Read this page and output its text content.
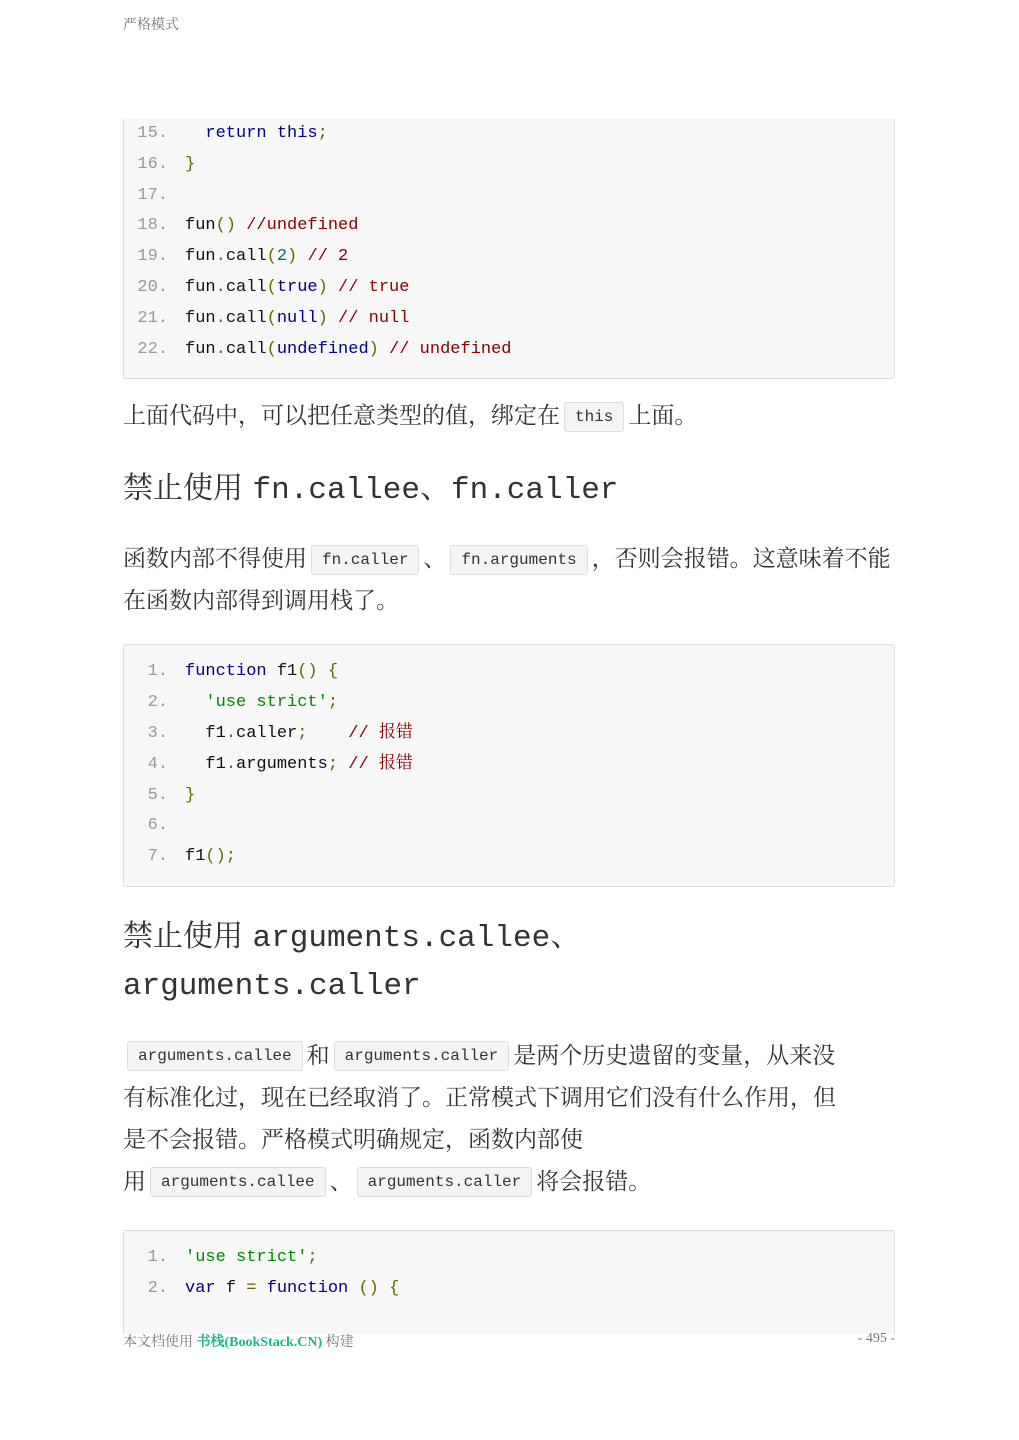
严格模式
15. return this;
16. }
17.
18. fun() //undefined
19. fun.call(2) // 2
20. fun.call(true) // true
21. fun.call(null) // null
22. fun.call(undefined) // undefined

上面代码中，可以把任意类型的值，绑定在 this 上面。

禁止使用 fn.callee、fn.caller

函数内部不得使用 fn.caller 、 fn.arguments ，否则会报错。这意味着不能在函数内部得到调用栈了。

1. function f1() {
2. 'use strict';
3.  f1.caller; // 报错
4.  f1.arguments; // 报错
5. }
6.
7. f1();
禁止使用 arguments.callee、
arguments.caller

arguments.callee 和 arguments.caller 是两个历史遗留的变量，从来没

有标准化过，现在已经取消了。正常模式下调用它们没有什么作用，但

是不会报错。严格模式明确规定，函数内部使

用 arguments.callee 、 arguments.caller 将会报错。

1. 'use strict';
2. var f = function () {
本文档使用 书栈(BookStack.CN) 构建	- 495 -
